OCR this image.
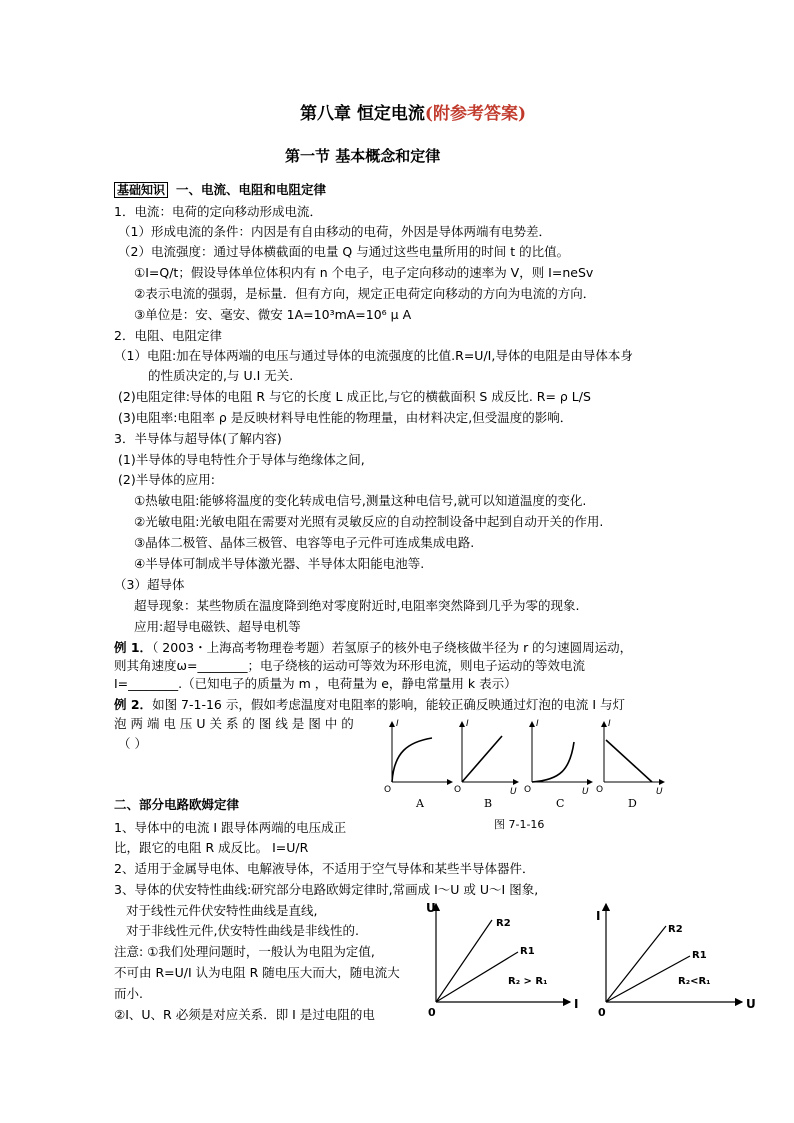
第八章 恒定电流(附参考答案)
第一节 基本概念和定律
基础知识 一、电流、电阻和电阻定律
1．电流：电荷的定向移动形成电流．
（1）形成电流的条件：内因是有自由移动的电荷，外因是导体两端有电势差．
（2）电流强度：通过导体横截面的电量 Q 与通过这些电量所用的时间 t 的比值。
①I=Q/t；假设导体单位体积内有 n 个电子，电子定向移动的速率为 V，则 I=neSv
②表示电流的强弱，是标量．但有方向，规定正电荷定向移动的方向为电流的方向．
③单位是：安、毫安、微安 1A=10³mA=10⁶ μ A
2．电阻、电阻定律
（1）电阻:加在导体两端的电压与通过导体的电流强度的比值.R=U/I,导体的电阻是由导体本身
的性质决定的,与 U.I 无关.
(2)电阻定律:导体的电阻 R 与它的长度 L 成正比,与它的横截面积 S 成反比. R= ρ L/S
(3)电阻率:电阻率 ρ 是反映材料导电性能的物理量，由材料决定,但受温度的影响．
3．半导体与超导体(了解内容)
(1)半导体的导电特性介于导体与绝缘体之间,
(2)半导体的应用:
①热敏电阻:能够将温度的变化转成电信号,测量这种电信号,就可以知道温度的变化.
②光敏电阻:光敏电阻在需要对光照有灵敏反应的自动控制设备中起到自动开关的作用.
③晶体二极管、晶体三极管、电容等电子元件可连成集成电路.
④半导体可制成半导体激光器、半导体太阳能电池等.
（3）超导体
超导现象：某些物质在温度降到绝对零度附近时,电阻率突然降到几乎为零的现象.
应用:超导电磁铁、超导电机等
例 1．（ 2003・上海高考物理卷考题）若氢原子的核外电子绕核做半径为 r 的匀速圆周运动，
则其角速度ω=________；电子绕核的运动可等效为环形电流，则电子运动的等效电流
I=________.（已知电子的质量为 m ，电荷量为 e，静电常量用 k 表示）
例 2．如图 7-1-16 示，假如考虑温度对电阻率的影响，能较正确反映通过灯泡的电流 I 与灯
泡 两 端 电 压 U 关 系 的 图 线 是 图 中 的
（ ）
I
O
A
I
O	U
B
I
O	U
C
I
O	U
D
图 7-1-16
二、部分电路欧姆定律
1、导体中的电流 I 跟导体两端的电压成正
比，跟它的电阻 R 成反比。 I=U/R
2、适用于金属导电体、电解液导体，不适用于空气导体和某些半导体器件．
3、导体的伏安特性曲线:研究部分电路欧姆定律时,常画成 I～U 或 U～I 图象,
对于线性元件伏安特性曲线是直线,
对于非线性元件,伏安特性曲线是非线性的.
注意: ①我们处理问题时，一般认为电阻为定值,
不可由 R=U/I 认为电阻 R 随电压大而大，随电流大
而小.
②I、U、R 必须是对应关系．即 I 是过电阻的电
U
0
I
R2
R1
R₂ > R₁
I
0
U
R2
R1
R₂<R₁
